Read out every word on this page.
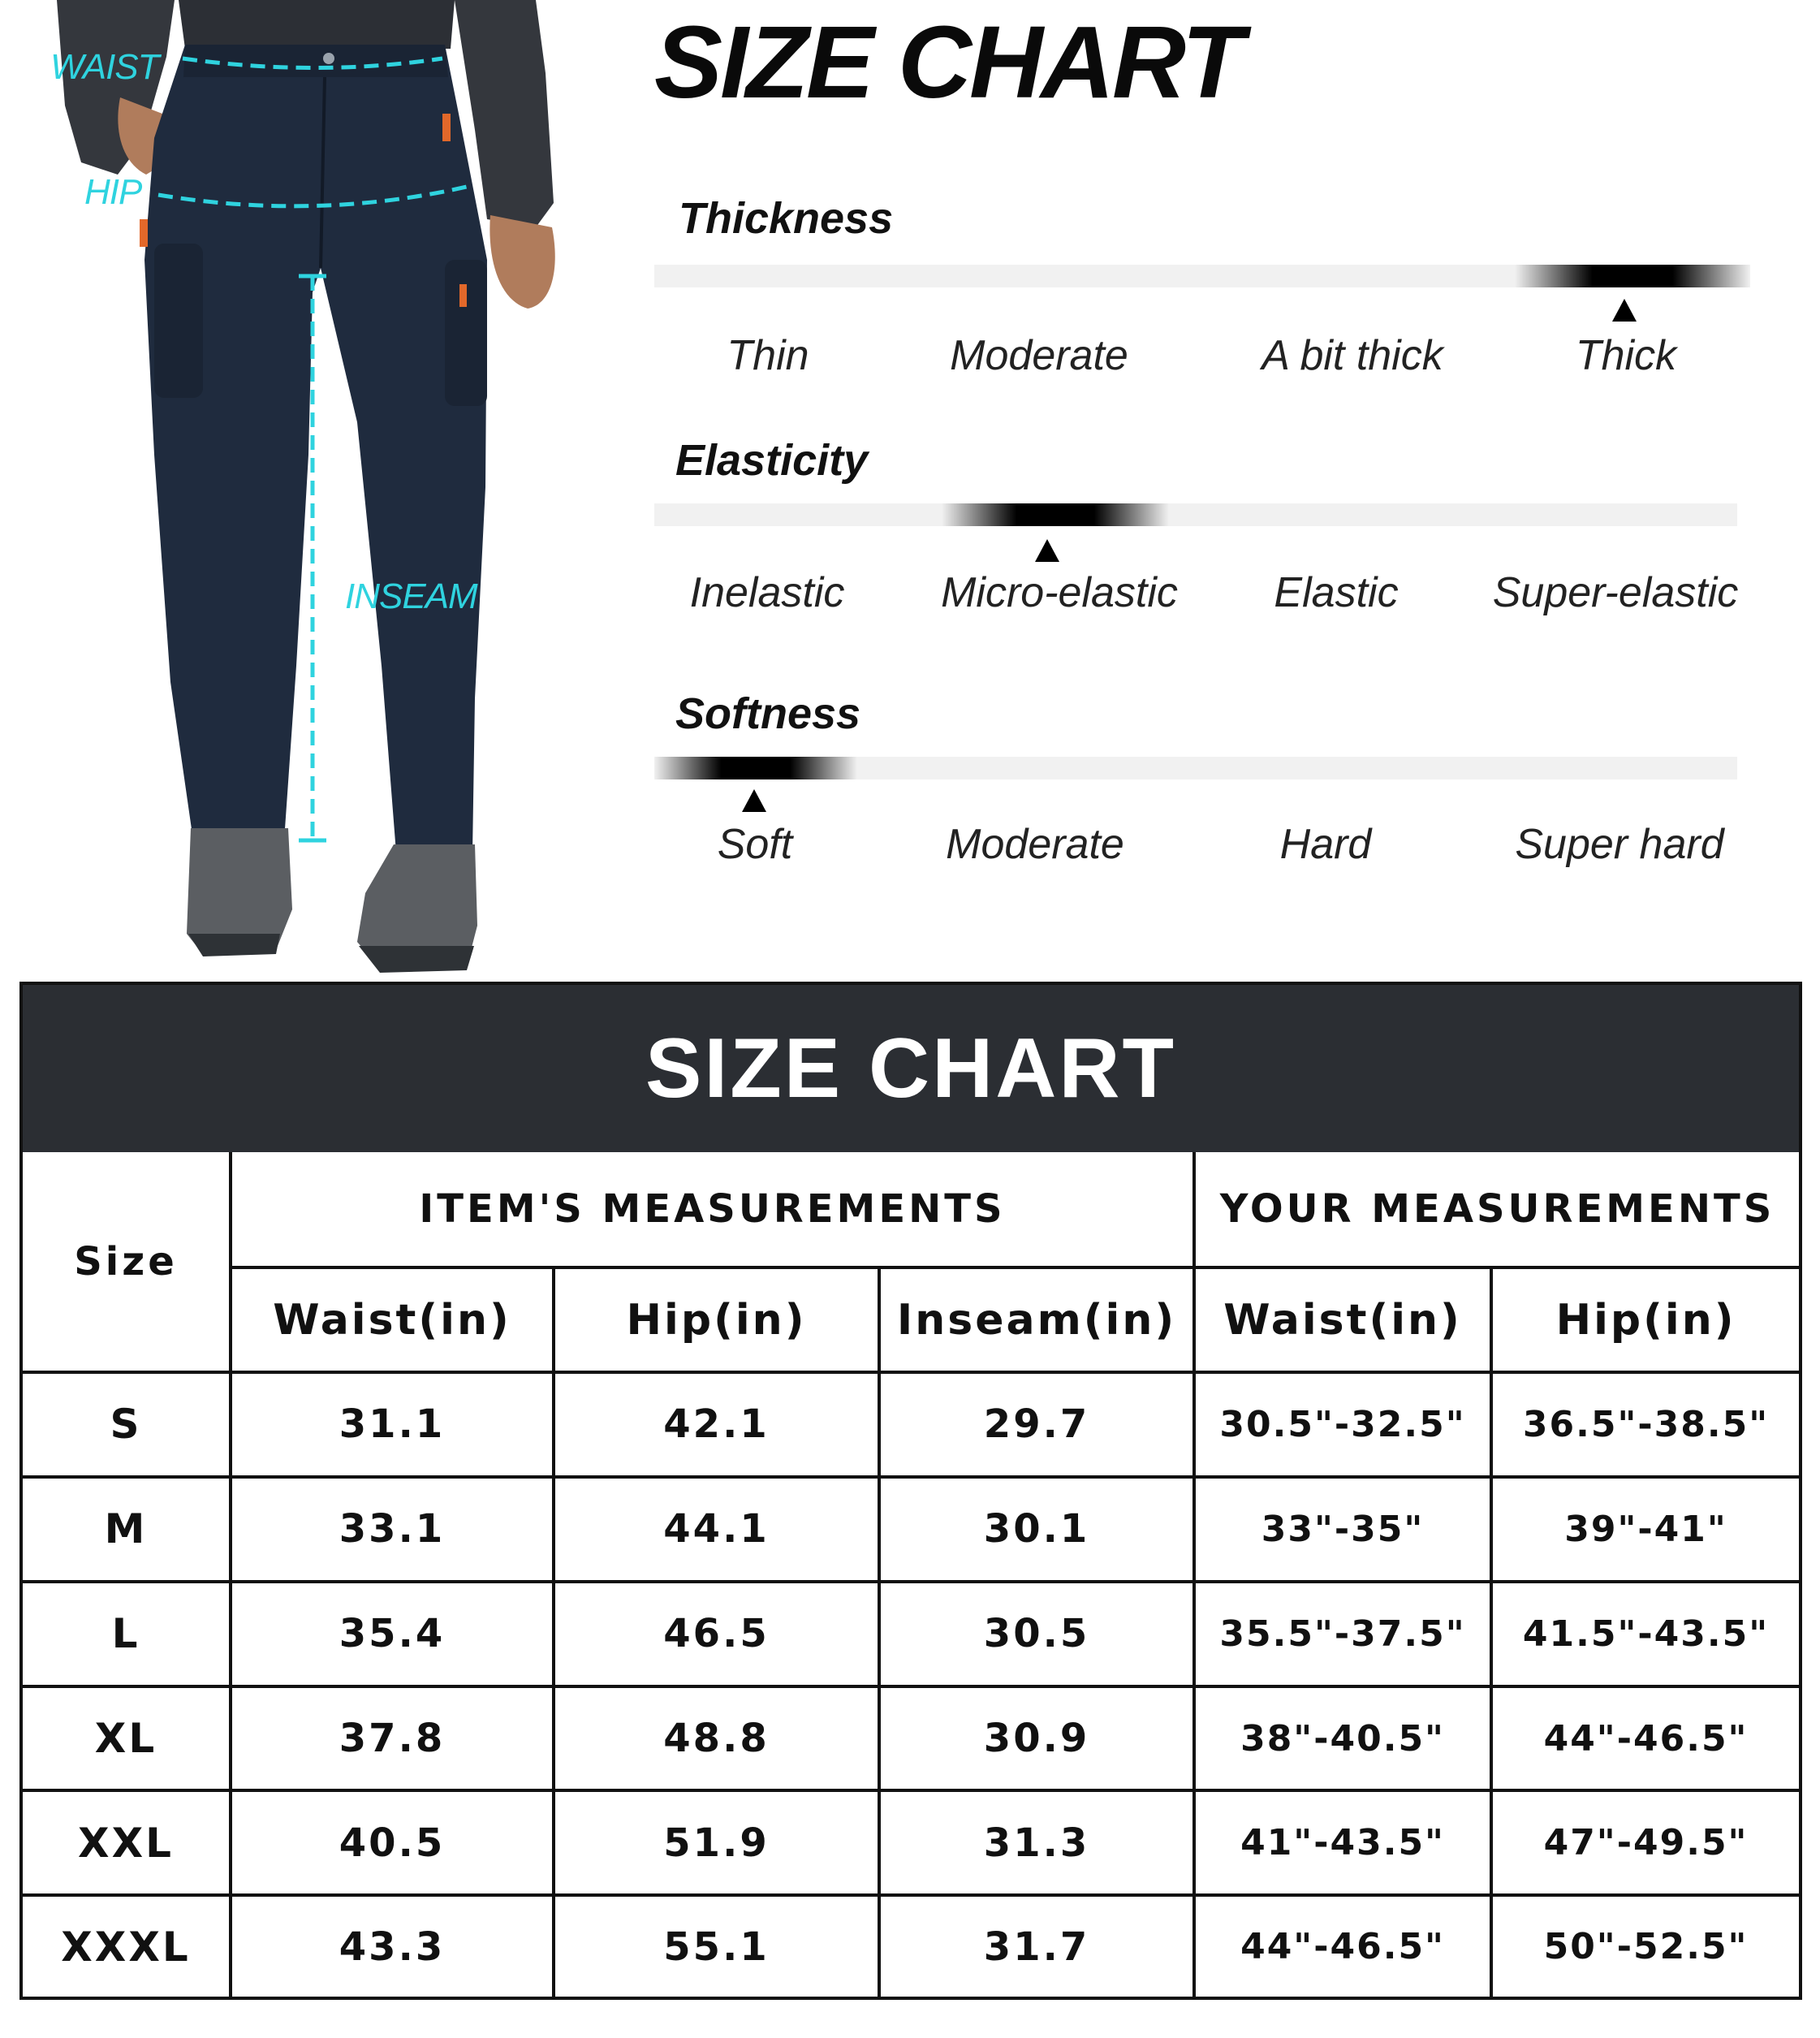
WAIST
HIP
INSEAM
SIZE CHART
Thickness
Thin	Moderate	A bit thick	Thick
Elasticity
Inelastic Micro-elastic Elastic Super-elastic
Softness
Soft	Moderate	Hard	Super hard
SIZE CHART
Size	ITEM'S MEASUREMENTS			YOUR MEASUREMENTS	
	Waist(in)	Hip(in)	Inseam(in)	Waist(in)	Hip(in)
S	31.1	42.1	29.7	30.5"-32.5"	36.5"-38.5"
M	33.1	44.1	30.1	33"-35"	39"-41"
L	35.4	46.5	30.5	35.5"-37.5"	41.5"-43.5"
XL	37.8	48.8	30.9	38"-40.5"	44"-46.5"
XXL	40.5	51.9	31.3	41"-43.5"	47"-49.5"
XXXL	43.3	55.1	31.7	44"-46.5"	50"-52.5"
